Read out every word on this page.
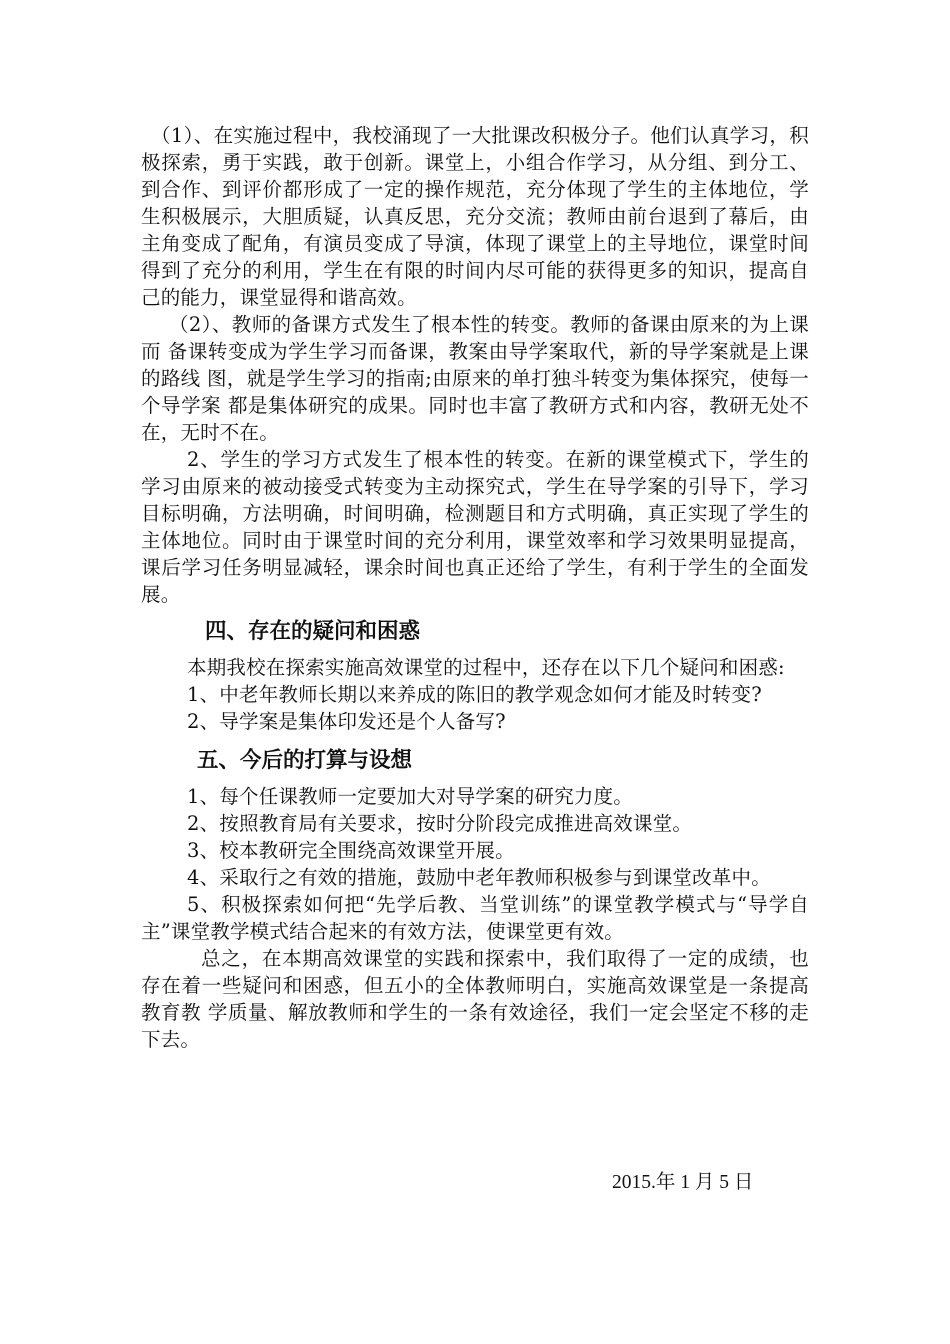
（1）、在实施过程中，我校涌现了一大批课改积极分子。他们认真学习，积极探索，勇于实践，敢于创新。课堂上，小组合作学习，从分组、到分工、到合作、到评价都形成了一定的操作规范，充分体现了学生的主体地位，学生积极展示，大胆质疑，认真反思，充分交流；教师由前台退到了幕后，由主角变成了配角，有演员变成了导演，体现了课堂上的主导地位，课堂时间得到了充分的利用，学生在有限的时间内尽可能的获得更多的知识，提高自己的能力，课堂显得和谐高效。

（2）、教师的备课方式发生了根本性的转变。教师的备课由原来的为上课而 备课转变成为学生学习而备课，教案由导学案取代，新的导学案就是上课的路线 图，就是学生学习的指南;由原来的单打独斗转变为集体探究，使每一个导学案 都是集体研究的成果。同时也丰富了教研方式和内容，教研无处不在，无时不在。

2、学生的学习方式发生了根本性的转变。在新的课堂模式下，学生的学习由原来的被动接受式转变为主动探究式，学生在导学案的引导下，学习目标明确，方法明确，时间明确，检测题目和方式明确，真正实现了学生的主体地位。同时由于课堂时间的充分利用，课堂效率和学习效果明显提高，课后学习任务明显减轻，课余时间也真正还给了学生，有利于学生的全面发展。

四、存在的疑问和困惑

本期我校在探索实施高效课堂的过程中，还存在以下几个疑问和困惑:

1、中老年教师长期以来养成的陈旧的教学观念如何才能及时转变?

2、导学案是集体印发还是个人备写?

五、今后的打算与设想

1、每个任课教师一定要加大对导学案的研究力度。

2、按照教育局有关要求，按时分阶段完成推进高效课堂。

3、校本教研完全围绕高效课堂开展。

4、采取行之有效的措施，鼓励中老年教师积极参与到课堂改革中。

5、积极探索如何把“先学后教、当堂训练”的课堂教学模式与“导学自主”课堂教学模式结合起来的有效方法，使课堂更有效。

总之，在本期高效课堂的实践和探索中，我们取得了一定的成绩，也存在着一些疑问和困惑，但五小的全体教师明白，实施高效课堂是一条提高教育教 学质量、解放教师和学生的一条有效途径，我们一定会坚定不移的走下去。

2015.年 1 月 5 日
